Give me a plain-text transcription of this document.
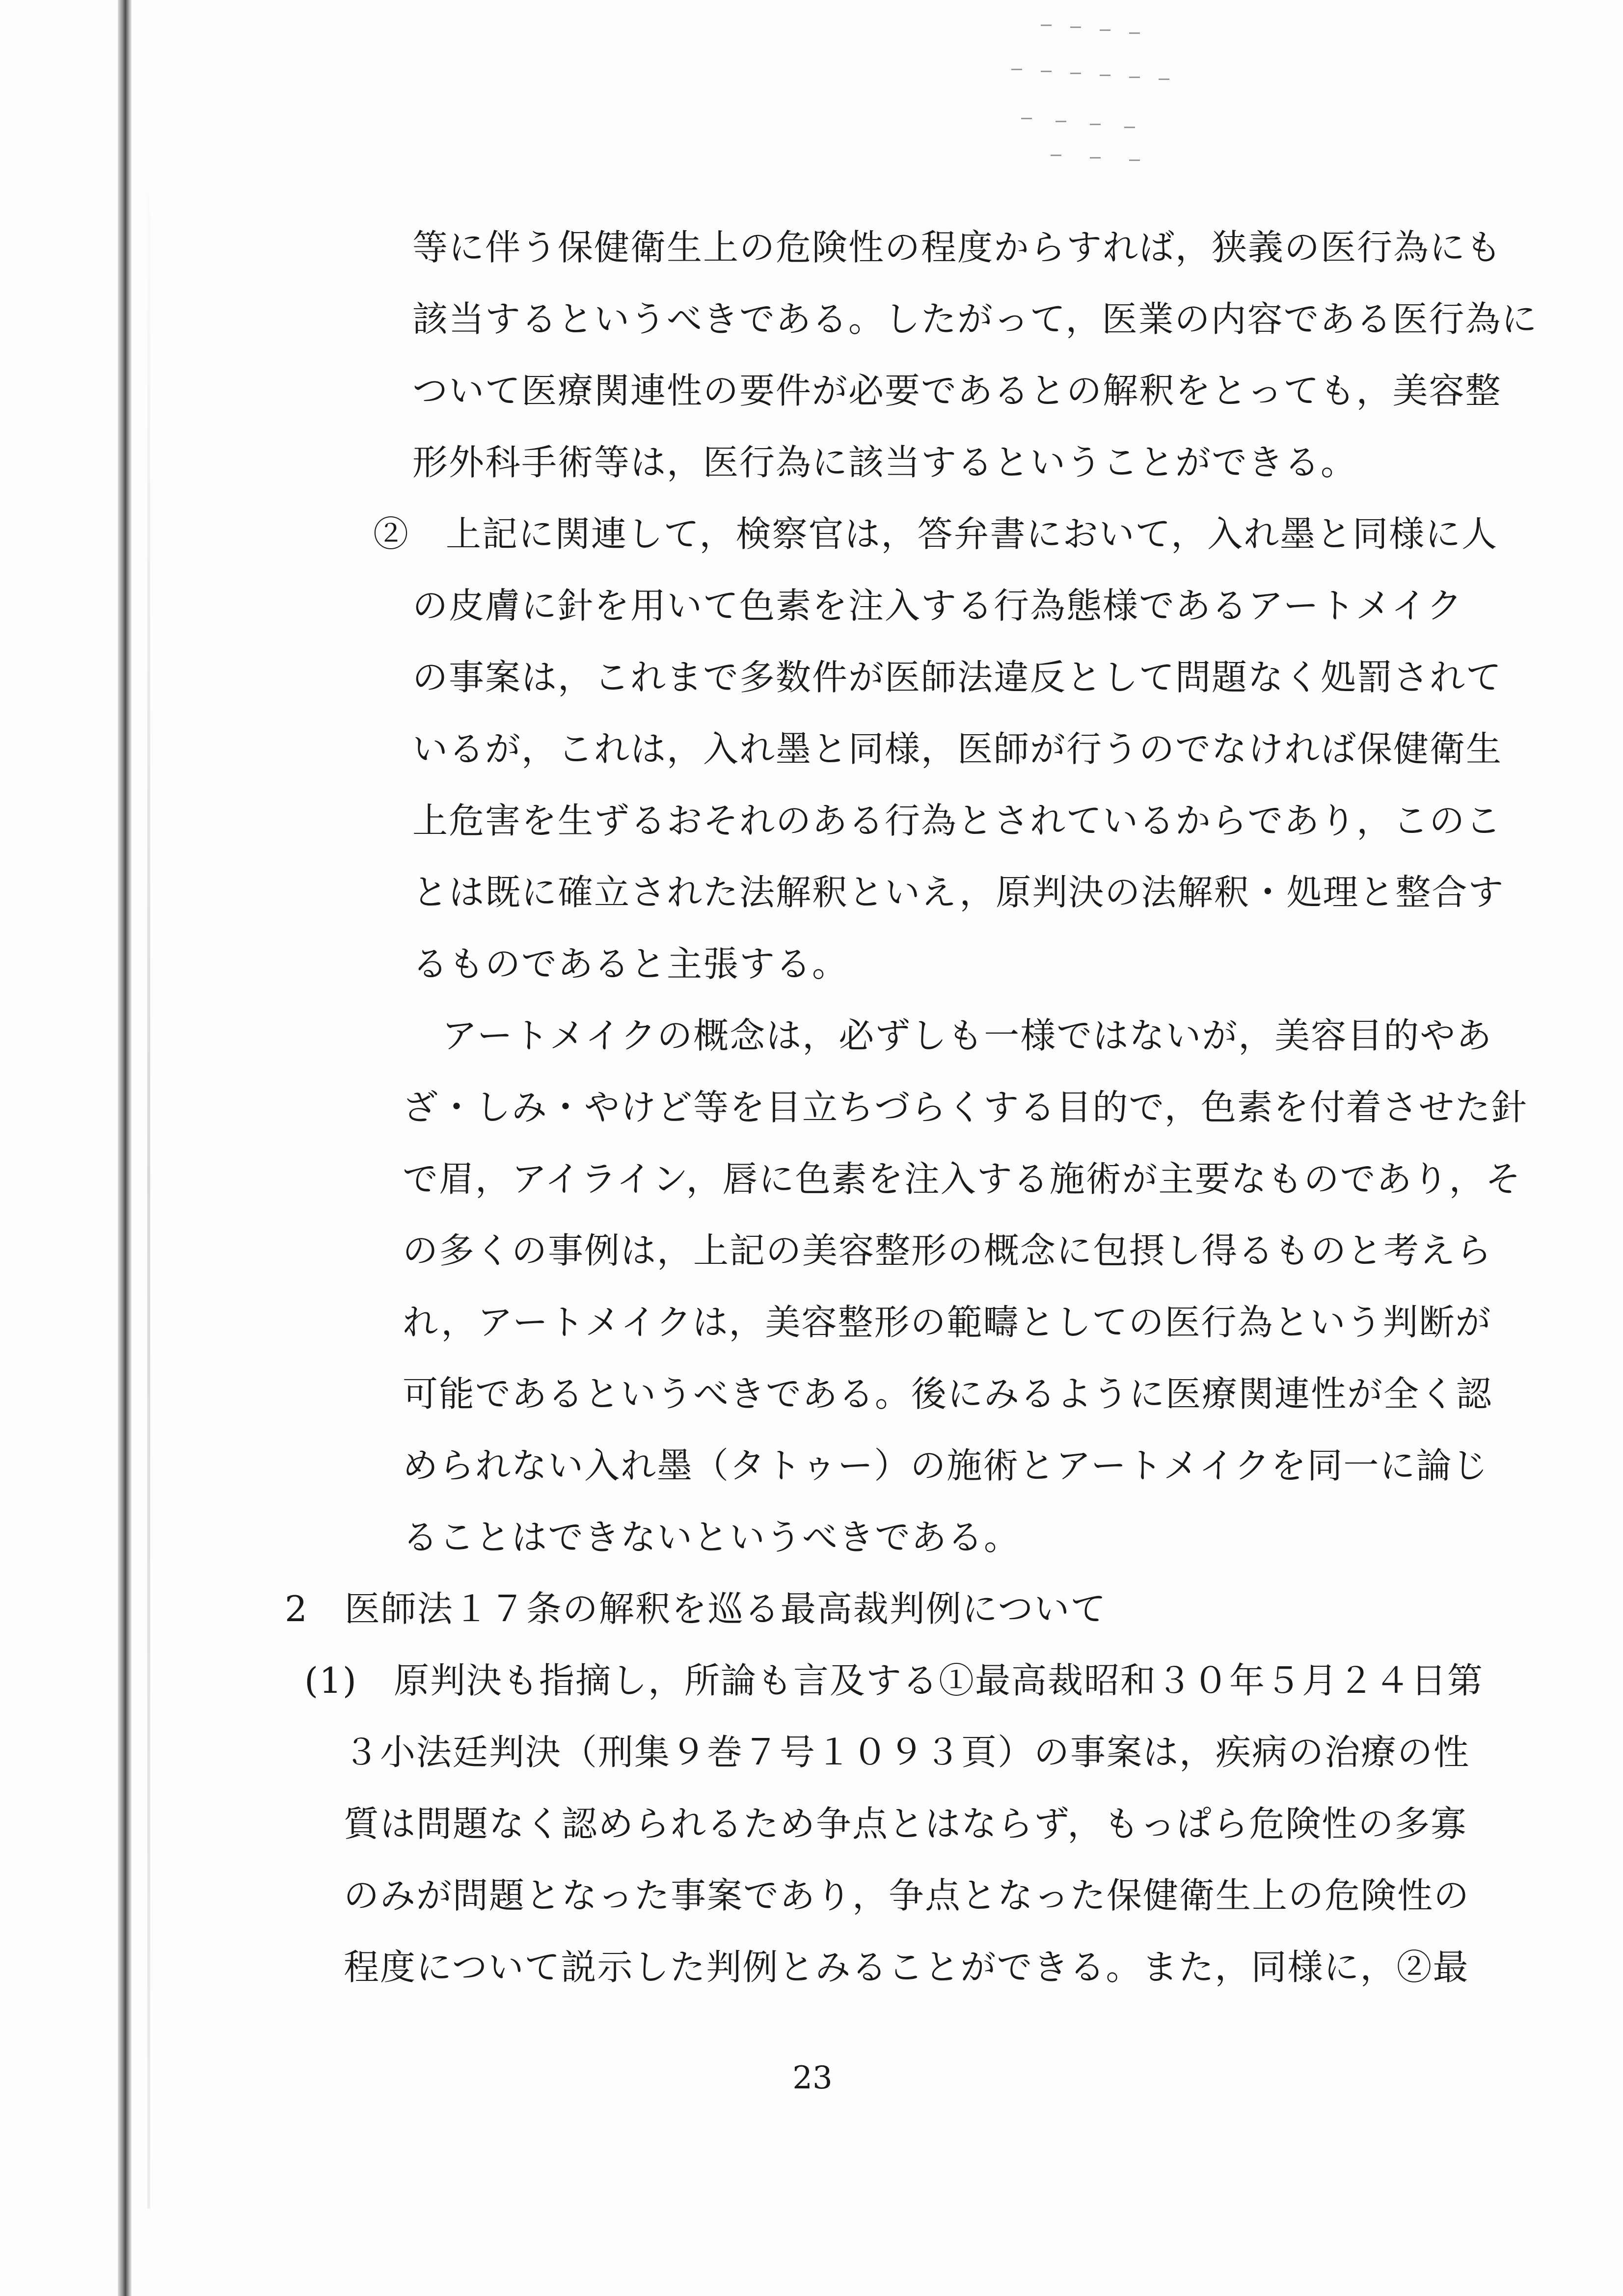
等に伴う保健衛生上の危険性の程度からすれば，狭義の医行為にも
該当するというべきである。したがって，医業の内容である医行為に
ついて医療関連性の要件が必要であるとの解釈をとっても，美容整
形外科手術等は，医行為に該当するということができる。
②　上記に関連して，検察官は，答弁書において，入れ墨と同様に人
の皮膚に針を用いて色素を注入する行為態様であるアートメイク
の事案は，これまで多数件が医師法違反として問題なく処罰されて
いるが，これは，入れ墨と同様，医師が行うのでなければ保健衛生
上危害を生ずるおそれのある行為とされているからであり，このこ
とは既に確立された法解釈といえ，原判決の法解釈・処理と整合す
るものであると主張する。
アートメイクの概念は，必ずしも一様ではないが，美容目的やあ
ざ・しみ・やけど等を目立ちづらくする目的で，色素を付着させた針
で眉，アイライン，唇に色素を注入する施術が主要なものであり，そ
の多くの事例は，上記の美容整形の概念に包摂し得るものと考えら
れ，アートメイクは，美容整形の範疇としての医行為という判断が
可能であるというべきである。後にみるように医療関連性が全く認
められない入れ墨（タトゥー）の施術とアートメイクを同一に論じ
ることはできないというべきである。
2　医師法１７条の解釈を巡る最高裁判例について
(1)　原判決も指摘し，所論も言及する①最高裁昭和３０年５月２４日第
３小法廷判決（刑集９巻７号１０９３頁）の事案は，疾病の治療の性
質は問題なく認められるため争点とはならず，もっぱら危険性の多寡
のみが問題となった事案であり，争点となった保健衛生上の危険性の
程度について説示した判例とみることができる。また，同様に，②最
23
